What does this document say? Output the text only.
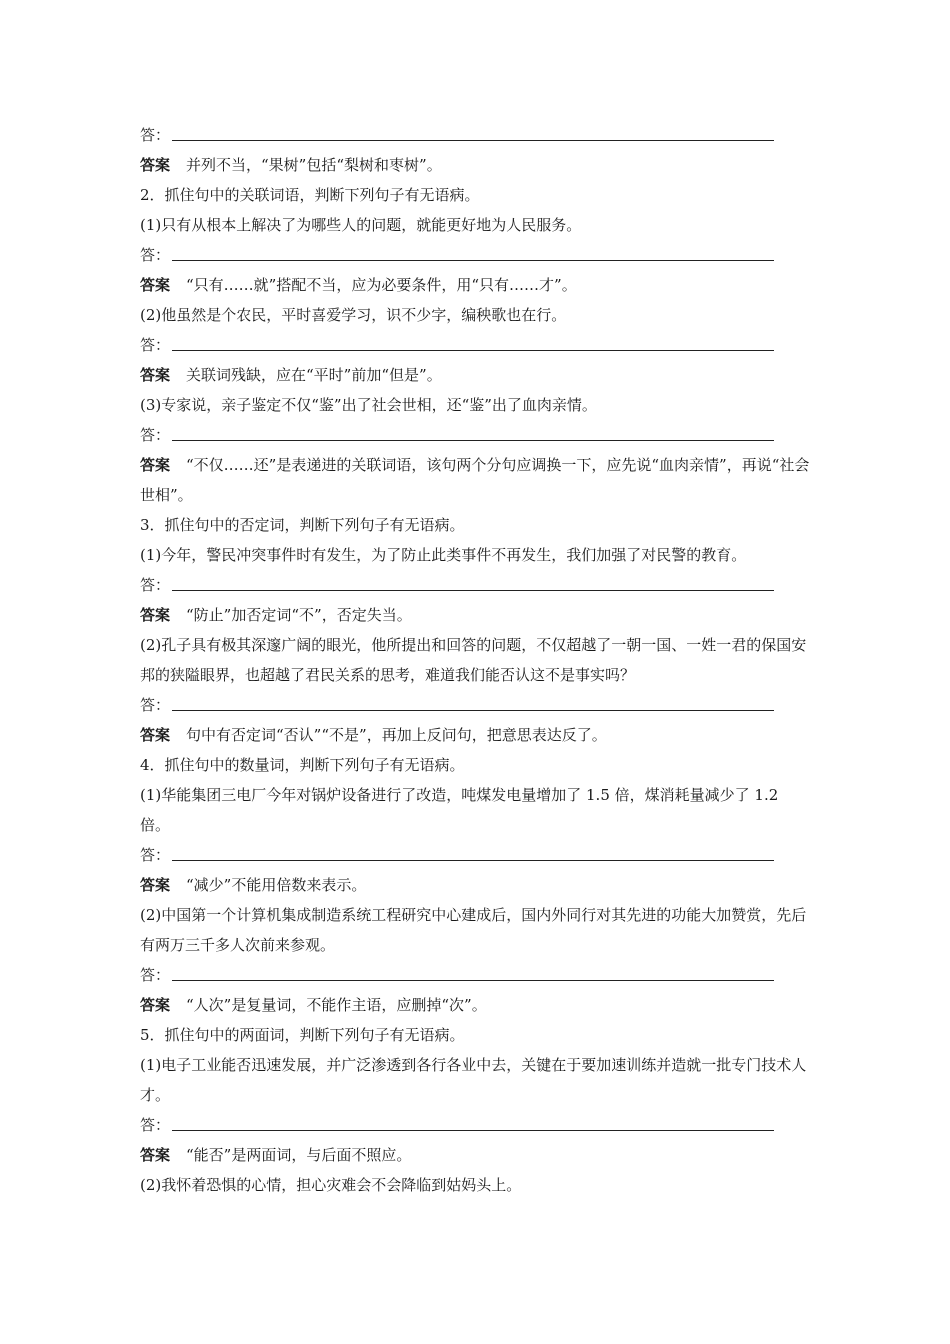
答：
答案 并列不当，“果树”包括“梨树和枣树”。
2．抓住句中的关联词语，判断下列句子有无语病。
(1)只有从根本上解决了为哪些人的问题，就能更好地为人民服务。
答：
答案 “只有……就”搭配不当，应为必要条件，用“只有……才”。
(2)他虽然是个农民，平时喜爱学习，识不少字，编秧歌也在行。
答：
答案 关联词残缺，应在“平时”前加“但是”。
(3)专家说，亲子鉴定不仅“鉴”出了社会世相，还“鉴”出了血肉亲情。
答：
答案 “不仅……还”是表递进的关联词语，该句两个分句应调换一下，应先说“血肉亲情”，再说“社会世相”。
3．抓住句中的否定词，判断下列句子有无语病。
(1)今年，警民冲突事件时有发生，为了防止此类事件不再发生，我们加强了对民警的教育。
答：
答案 “防止”加否定词“不”，否定失当。
(2)孔子具有极其深邃广阔的眼光，他所提出和回答的问题，不仅超越了一朝一国、一姓一君的保国安邦的狭隘眼界，也超越了君民关系的思考，难道我们能否认这不是事实吗？
答：
答案 句中有否定词“否认”“不是”，再加上反问句，把意思表达反了。
4．抓住句中的数量词，判断下列句子有无语病。
(1)华能集团三电厂今年对锅炉设备进行了改造，吨煤发电量增加了 1.5 倍，煤消耗量减少了 1.2 倍。
答：
答案 “减少”不能用倍数来表示。
(2)中国第一个计算机集成制造系统工程研究中心建成后，国内外同行对其先进的功能大加赞赏，先后有两万三千多人次前来参观。
答：
答案 “人次”是复量词，不能作主语，应删掉“次”。
5．抓住句中的两面词，判断下列句子有无语病。
(1)电子工业能否迅速发展，并广泛渗透到各行各业中去，关键在于要加速训练并造就一批专门技术人才。
答：
答案 “能否”是两面词，与后面不照应。
(2)我怀着恐惧的心情，担心灾难会不会降临到姑妈头上。
